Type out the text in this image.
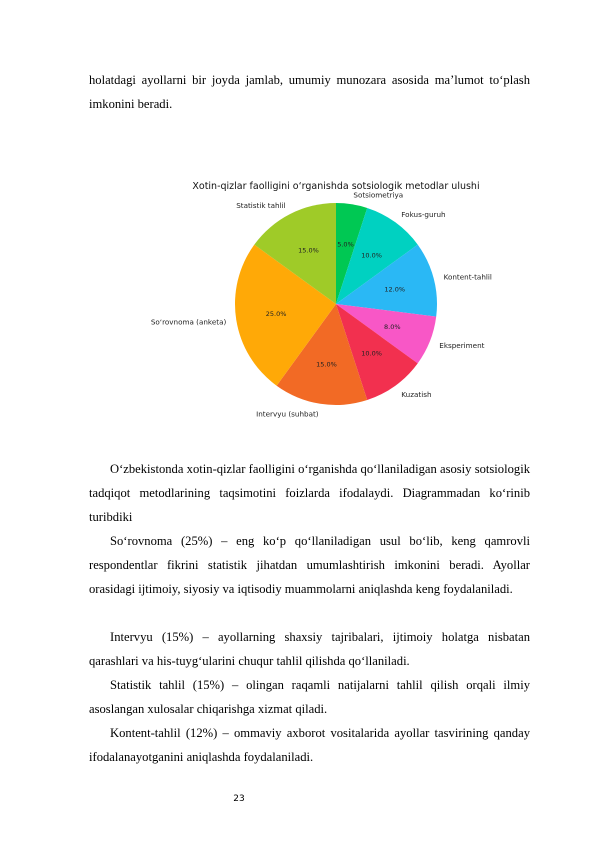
holatdagi ayollarni bir joyda jamlab, umumiy munozara asosida ma’lumot to‘plash imkonini beradi.

Xotin-qizlar faolligini o‘rganishda sotsiologik metodlar ulushi
5.0%
10.0%
12.0%
8.0%
10.0%
15.0%
25.0%
15.0%
Sotsiometriya
Fokus-guruh
Kontent-tahlil
Eksperiment
Kuzatish
Intervyu (suhbat)
So‘rovnoma (anketa)
Statistik tahlil

O‘zbekistonda xotin-qizlar faolligini o‘rganishda qo‘llaniladigan asosiy sotsiologik tadqiqot metodlarining taqsimotini foizlarda ifodalaydi. Diagrammadan ko‘rinib turibdiki

So‘rovnoma (25%) – eng ko‘p qo‘llaniladigan usul bo‘lib, keng qamrovli respondentlar fikrini statistik jihatdan umumlashtirish imkonini beradi. Ayollar orasidagi ijtimoiy, siyosiy va iqtisodiy muammolarni aniqlashda keng foydalaniladi.

Intervyu (15%) – ayollarning shaxsiy tajribalari, ijtimoiy holatga nisbatan qarashlari va his-tuyg‘ularini chuqur tahlil qilishda qo‘llaniladi.

Statistik tahlil (15%) – olingan raqamli natijalarni tahlil qilish orqali ilmiy asoslangan xulosalar chiqarishga xizmat qiladi.

Kontent-tahlil (12%) – ommaviy axborot vositalarida ayollar tasvirining qanday ifodalanayotganini aniqlashda foydalaniladi.

23
